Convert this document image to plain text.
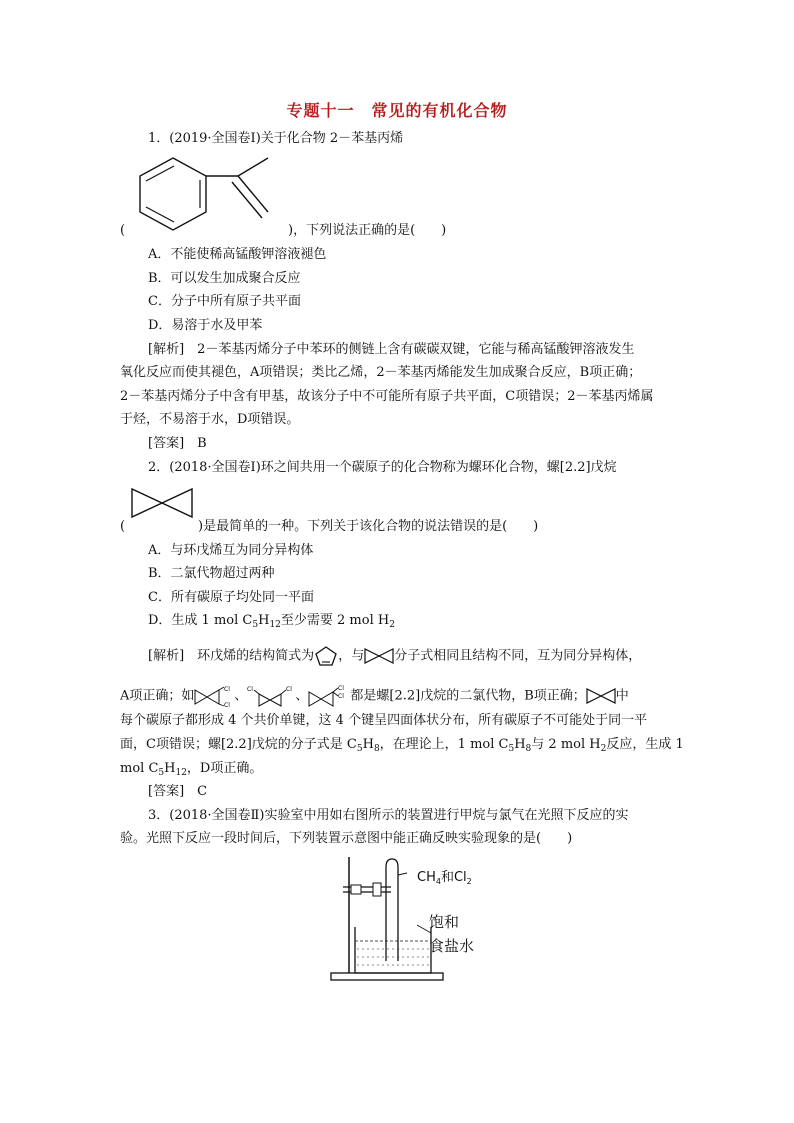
专题十一　常见的有机化合物
1．(2019·全国卷Ⅰ)关于化合物 2－苯基丙烯
(	)，下列说法正确的是(　　)
A．不能使稀高锰酸钾溶液褪色
B．可以发生加成聚合反应
C．分子中所有原子共平面
D．易溶于水及甲苯
[解析]　 2－苯基丙烯分子中苯环的侧链上含有碳碳双键，它能与稀高锰酸钾溶液发生
氧化反应而使其褪色，A项错误；类比乙烯，2－苯基丙烯能发生加成聚合反应，B项正确；
2－苯基丙烯分子中含有甲基，故该分子中不可能所有原子共平面，C项错误；2－苯基丙烯属
于烃，不易溶于水，D项错误。
[答案]　 B
2．(2018·全国卷Ⅰ)环之间共用一个碳原子的化合物称为螺环化合物，螺[2.2]戊烷
(	)是最简单的一种。下列关于该化合物的说法错误的是(　　)
A．与环戊烯互为同分异构体
B．二氯代物超过两种
C．所有碳原子均处同一平面
D．生成 1 mol $C_5H_{12}$至少需要 2 mol $H_2$
[解析]　 环戊烯的结构简式为 ，与 分子式相同且结构不同，互为同分异构体，
A项正确；如	Cl
Cl
、 Cl	Cl 、	Cl
Cl 都是螺[2.2]戊烷的二氯代物，B项正确； 中
每个碳原子都形成 4 个共价单键，这 4 个键呈四面体状分布，所有碳原子不可能处于同一平
面，C项错误；螺[2.2]戊烷的分子式是 $C_5H_8$，在理论上，1 mol $C_5H_8$与 2 mol $H_2$反应，生成 1
mol $C_5H_{12}$，D项正确。
[答案]　 C
3．(2018·全国卷Ⅱ)实验室中用如右图所示的装置进行甲烷与氯气在光照下反应的实
验。光照下反应一段时间后，下列装置示意图中能正确反映实验现象的是(　　)
$CH_4$和$Cl_2$
饱和
食盐水
